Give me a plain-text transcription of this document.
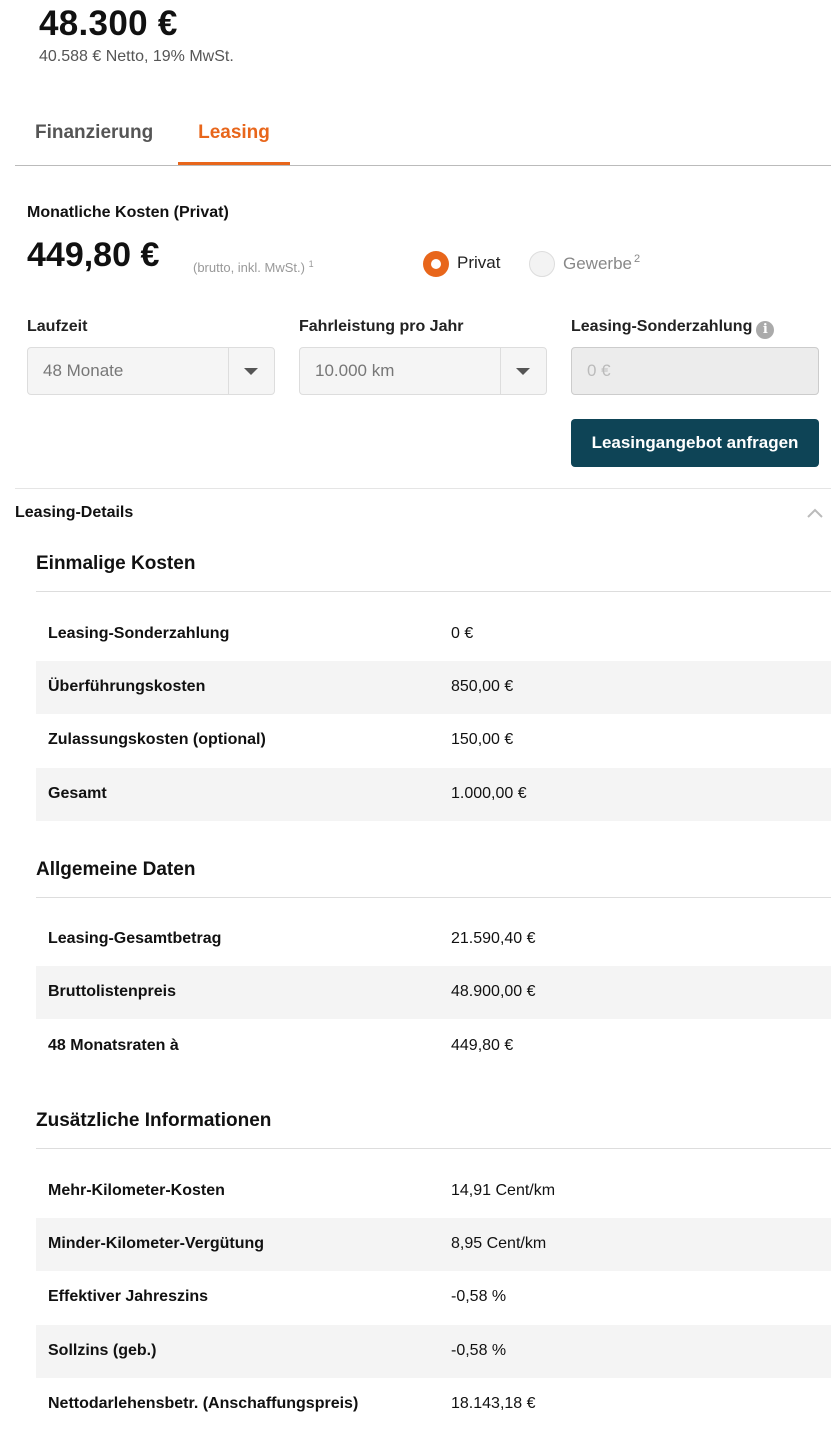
48.300 €
40.588 € Netto, 19% MwSt.
Finanzierung	Leasing
Monatliche Kosten (Privat)
449,80 €	(brutto, inkl. MwSt.) $^1$	Privat	Gewerbe $^2$
Laufzeit	Fahrleistung pro Jahr	Leasing-Sonderzahlung i
48 Monate	10.000 km
0 €
Leasingangebot anfragen
Leasing-Details
Einmalige Kosten
Leasing-Sonderzahlung	0 €
Überführungskosten	850,00 €
Zulassungskosten (optional)	150,00 €
Gesamt	1.000,00 €
Allgemeine Daten
Leasing-Gesamtbetrag	21.590,40 €
Bruttolistenpreis	48.900,00 €
48 Monatsraten à	449,80 €
Zusätzliche Informationen
Mehr-Kilometer-Kosten	14,91 Cent/km
Minder-Kilometer-Vergütung	8,95 Cent/km
Effektiver Jahreszins	-0,58 %
Sollzins (geb.)	-0,58 %
Nettodarlehensbetr. (Anschaffungspreis)	18.143,18 €
